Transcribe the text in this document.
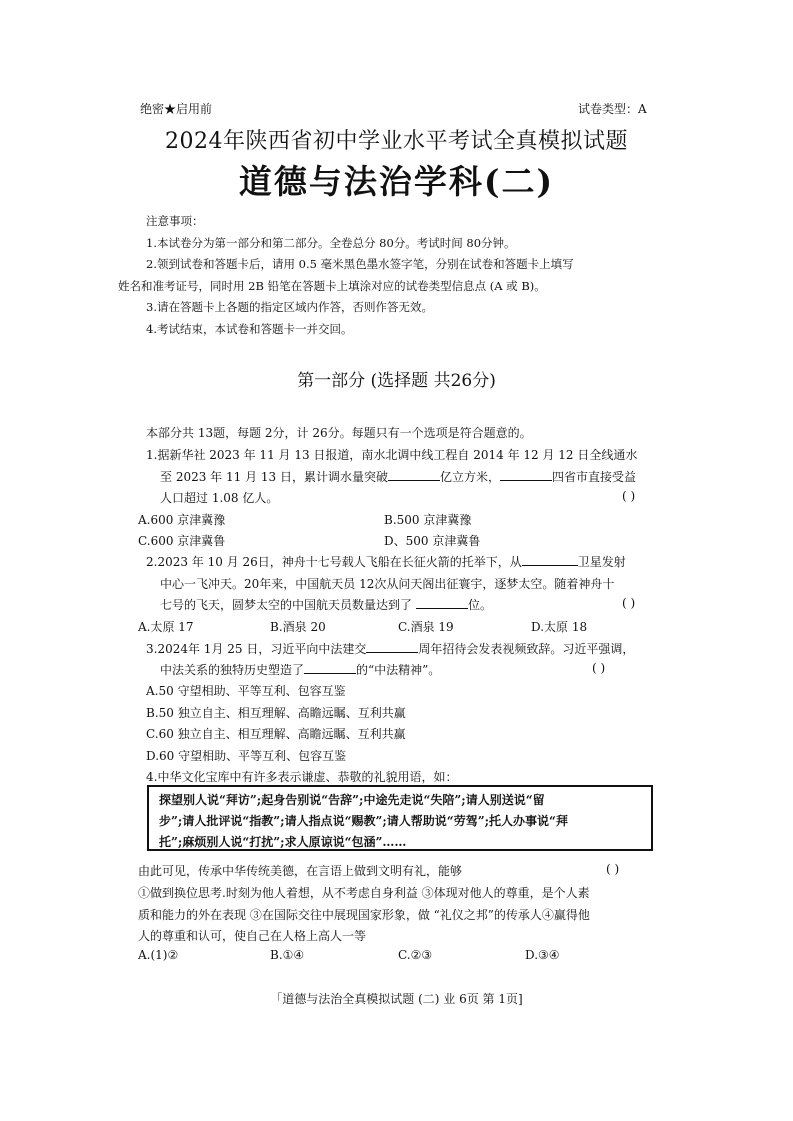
绝密★启用前	试卷类型：A
2024年陕西省初中学业水平考试全真模拟试题
道德与法治学科(二)
注意事项：
1.本试卷分为第一部分和第二部分。全卷总分 80分。考试时间 80分钟。
2.领到试卷和答题卡后，请用 0.5 毫米黑色墨水签字笔，分别在试卷和答题卡上填写
姓名和准考证号，同时用 2B 铅笔在答题卡上填涂对应的试卷类型信息点 (A 或 B)。
3.请在答题卡上各题的指定区域内作答，否则作答无效。
4.考试结束，本试卷和答题卡一并交回。
第一部分 (选择题 共26分)
本部分共 13题，每题 2分，计 26分。每题只有一个选项是符合题意的。
1.据新华社 2023 年 11 月 13 日报道，南水北调中线工程自 2014 年 12 月 12 日全线通水
至 2023 年 11 月 13 日，累计调水量突破	亿立方米，	四省市直接受益
人口超过 1.08 亿人。	( )
A.600 京津冀豫	B.500 京津冀豫
C.600 京津冀鲁	D、500 京津冀鲁
2.2023 年 10 月 26日，神舟十七号载人飞船在长征火箭的托举下，从	卫星发射
中心一飞冲天。20年来，中国航天员 12次从问天阁出征寰宇，逐梦太空。随着神舟十
七号的飞天，圆梦太空的中国航天员数量达到了	位。	( )
A.太原 17	B.酒泉 20	C.酒泉 19	D.太原 18
3.2024年 1月 25 日，习近平向中法建交	周年招待会发表视频致辞。习近平强调，
中法关系的独特历史塑造了	的“中法精神”。	( )
A.50 守望相助、平等互利、包容互鉴
B.50 独立自主、相互理解、高瞻远瞩、互利共赢
C.60 独立自主、相互理解、高瞻远瞩、互利共赢
D.60 守望相助、平等互利、包容互鉴
4.中华文化宝库中有许多表示谦虚、恭敬的礼貌用语，如：
探望别人说“拜访”;起身告别说“告辞”;中途先走说“失陪”;请人别送说“留
步”;请人批评说“指教”;请人指点说“赐教”;请人帮助说“劳驾”;托人办事说“拜
托”;麻烦别人说“打扰”;求人原谅说“包涵”……
由此可见，传承中华传统美德，在言语上做到文明有礼，能够	( )
①做到换位思考.时刻为他人着想，从不考虑自身利益 ③体现对他人的尊重，是个人素
质和能力的外在表现 ③在国际交往中展现国家形象，做 “礼仪之邦”的传承人④赢得他
人的尊重和认可，使自己在人格上高人一等
A.(1)②	B.①④	C.②③	D.③④
「道德与法治全真模拟试题 (二) 业 6页 第 1页]
